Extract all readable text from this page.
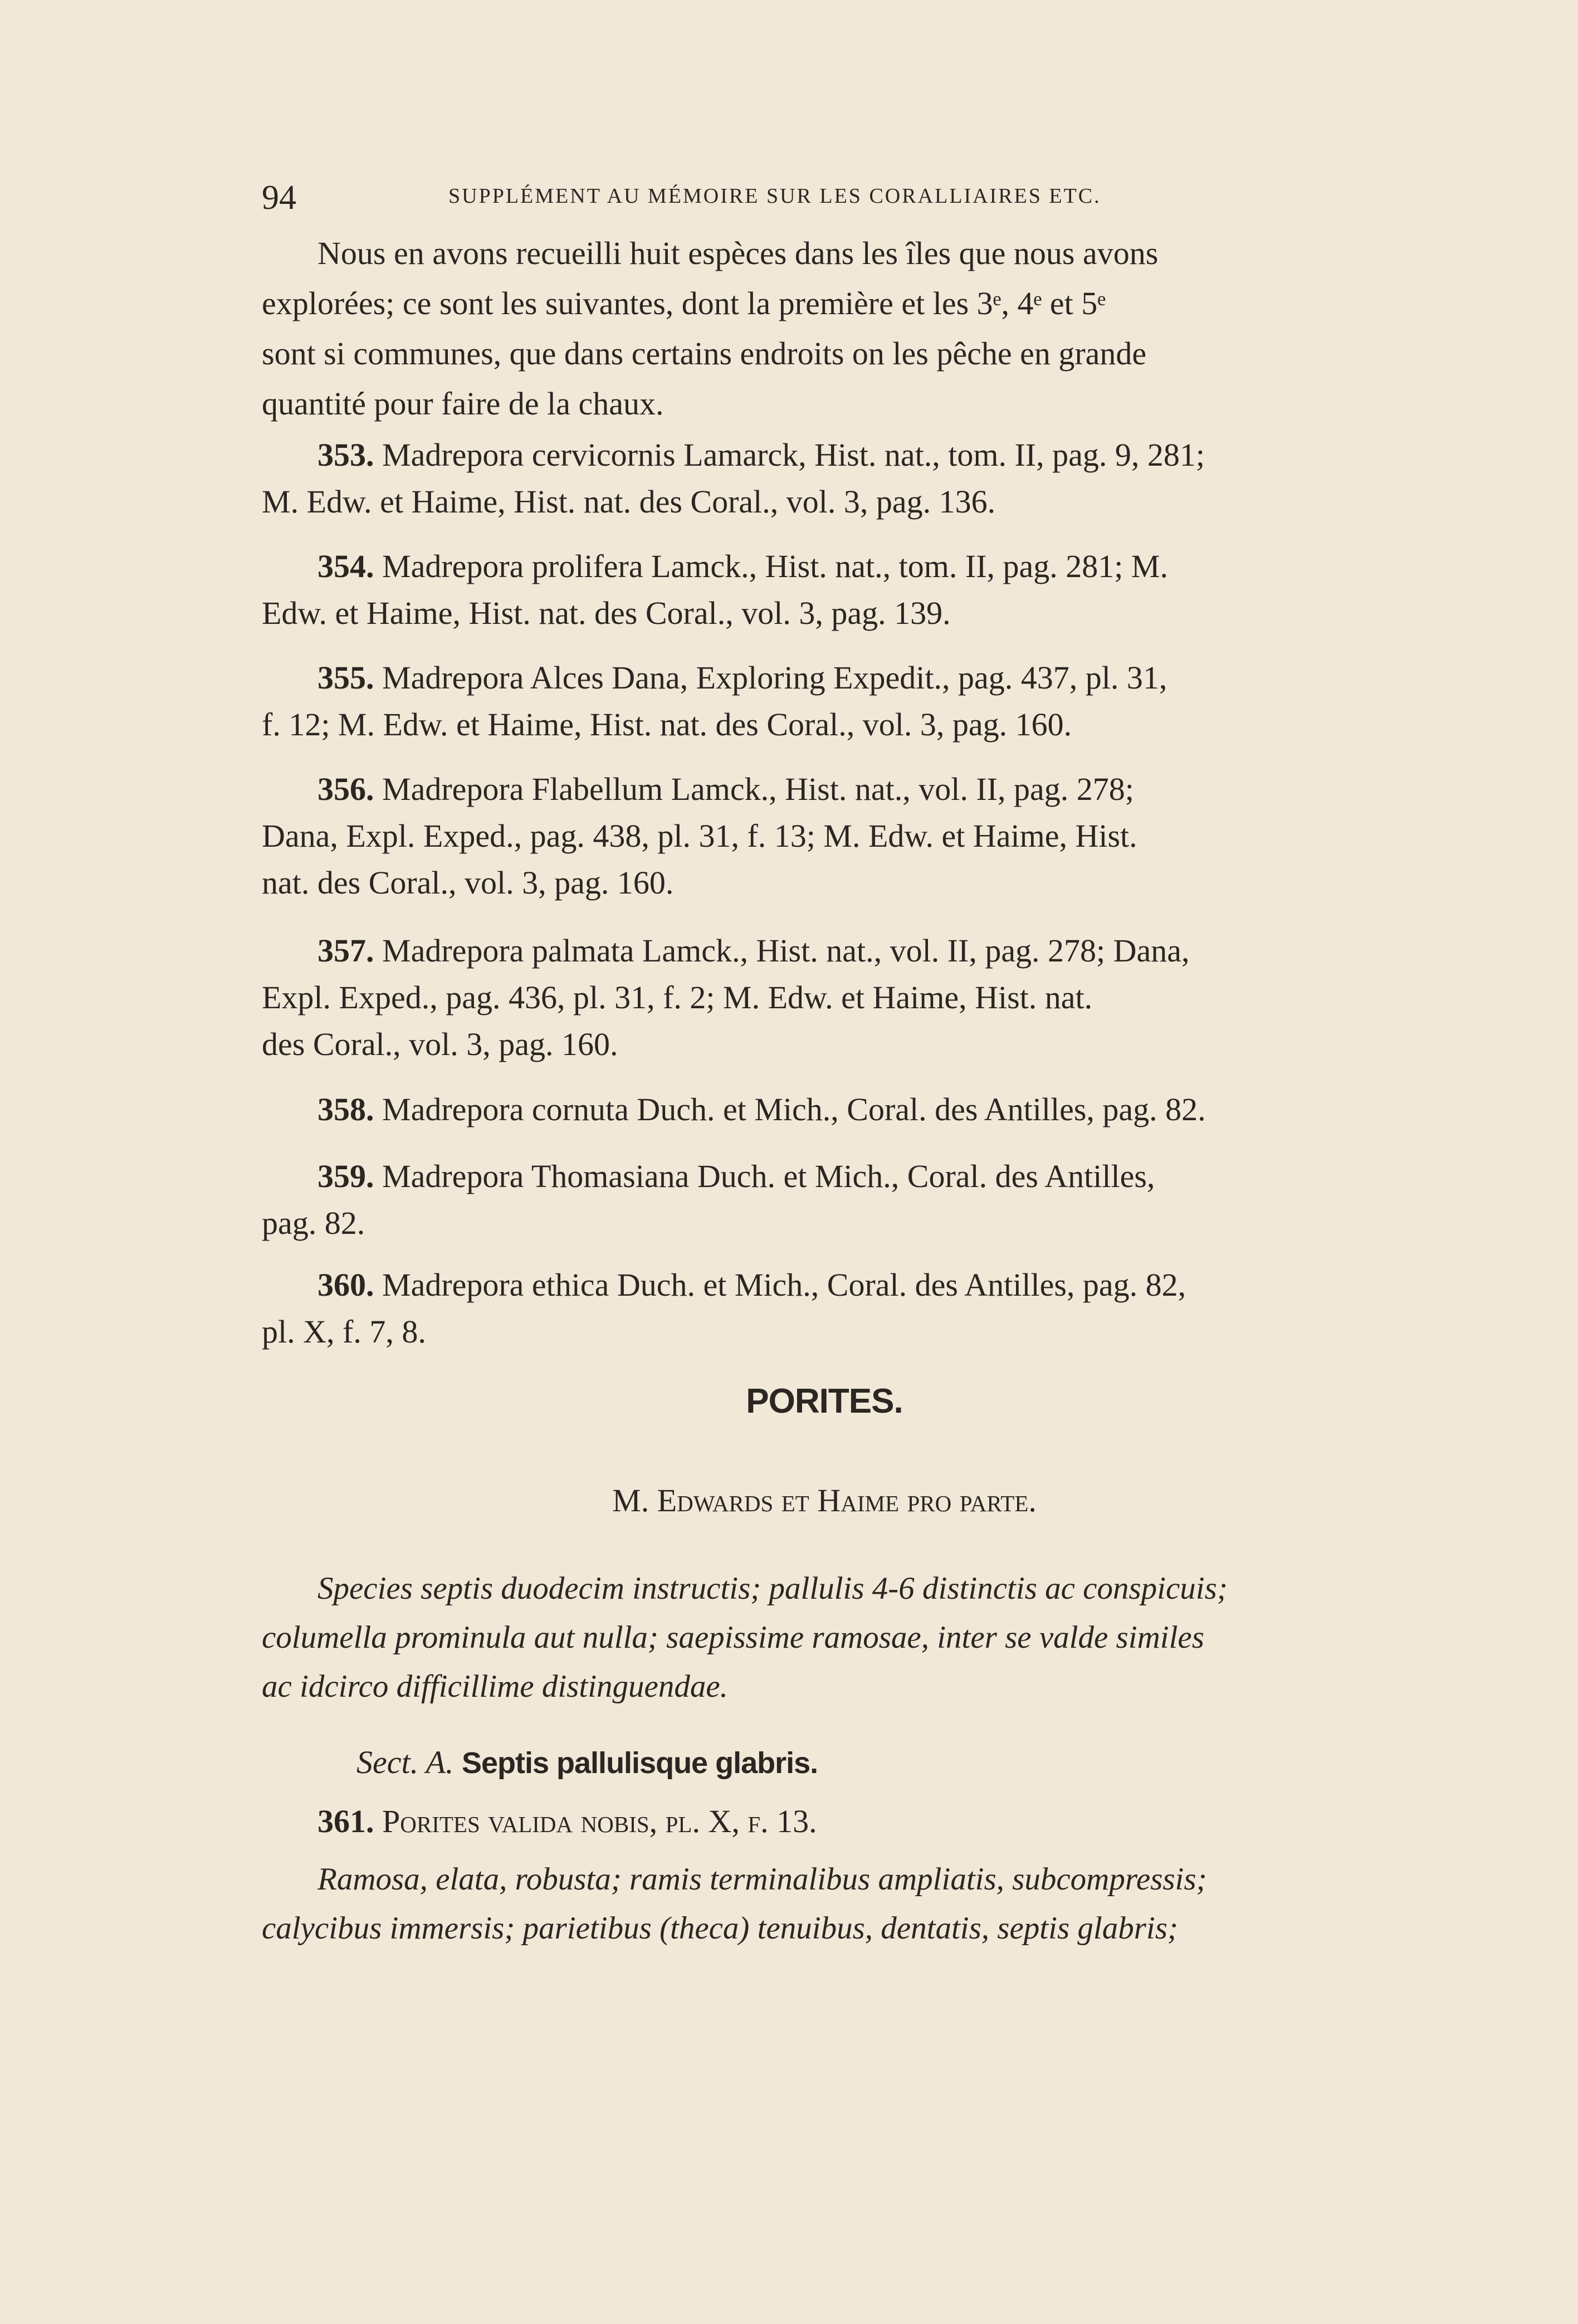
94	SUPPLÉMENT AU MÉMOIRE SUR LES CORALLIAIRES ETC.

Nous en avons recueilli huit espèces dans les îles que nous avons
explorées; ce sont les suivantes, dont la première et les 3ᵉ, 4ᵉ et 5ᵉ
sont si communes, que dans certains endroits on les pêche en grande
quantité pour faire de la chaux.

353. Madrepora cervicornis Lamarck, Hist. nat., tom. II, pag. 9, 281;
M. Edw. et Haime, Hist. nat. des Coral., vol. 3, pag. 136.

354. Madrepora prolifera Lamck., Hist. nat., tom. II, pag. 281; M.
Edw. et Haime, Hist. nat. des Coral., vol. 3, pag. 139.

355. Madrepora Alces Dana, Exploring Expedit., pag. 437, pl. 31,
f. 12; M. Edw. et Haime, Hist. nat. des Coral., vol. 3, pag. 160.

356. Madrepora Flabellum Lamck., Hist. nat., vol. II, pag. 278;
Dana, Expl. Exped., pag. 438, pl. 31, f. 13; M. Edw. et Haime, Hist.
nat. des Coral., vol. 3, pag. 160.

357. Madrepora palmata Lamck., Hist. nat., vol. II, pag. 278; Dana,
Expl. Exped., pag. 436, pl. 31, f. 2; M. Edw. et Haime, Hist. nat.
des Coral., vol. 3, pag. 160.

358. Madrepora cornuta Duch. et Mich., Coral. des Antilles, pag. 82.

359. Madrepora Thomasiana Duch. et Mich., Coral. des Antilles,
pag. 82.

360. Madrepora ethica Duch. et Mich., Coral. des Antilles, pag. 82,
pl. X, f. 7, 8.

PORITES.
M. Edwards et Haime pro parte.

Species septis duodecim instructis; pallulis 4-6 distinctis ac conspicuis;
columella prominula aut nulla; saepissime ramosae, inter se valde similes
ac idcirco difficillime distinguendae.

Sect. A. Septis pallulisque glabris.
361. Porites valida nobis, pl. X, f. 13.

Ramosa, elata, robusta; ramis terminalibus ampliatis, subcompressis;
calycibus immersis; parietibus (theca) tenuibus, dentatis, septis glabris;
